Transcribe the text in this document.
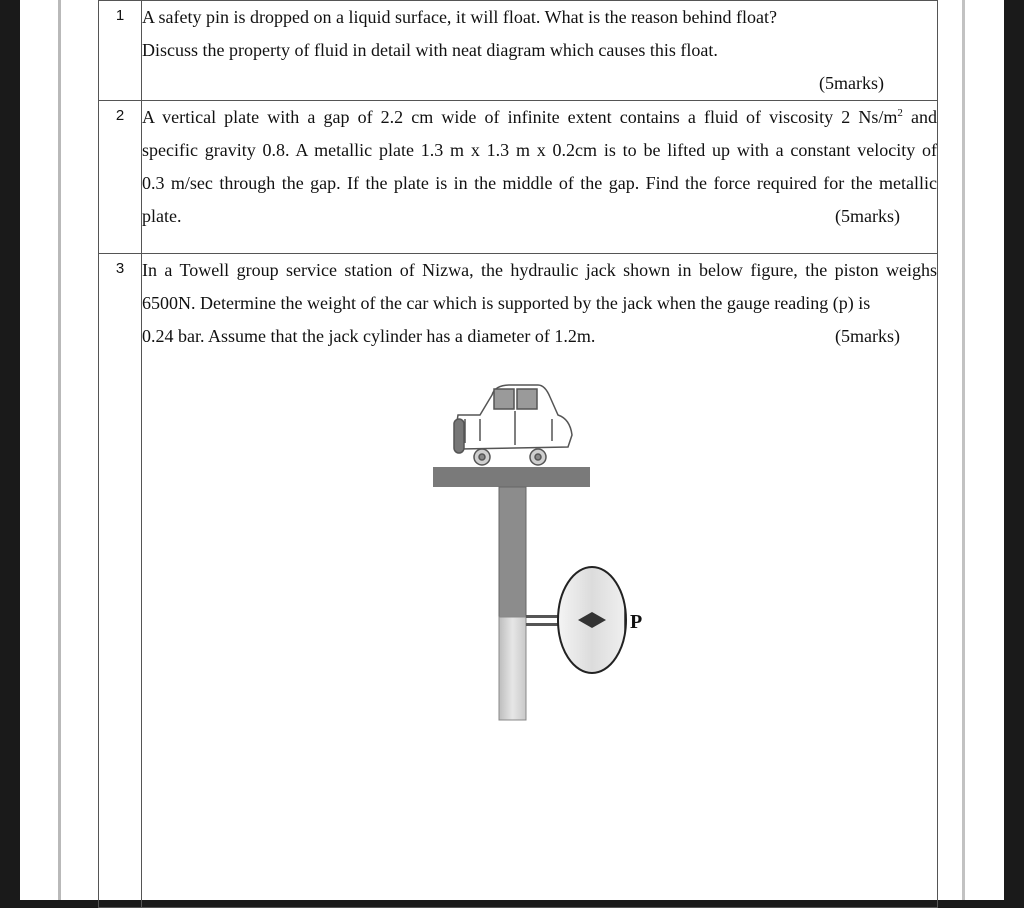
1	A safety pin is dropped on a liquid surface, it will float. What is the reason behind float?
Discuss the property of fluid in detail with neat diagram which causes this float.
(5marks)

2	A vertical plate with a gap of 2.2 cm wide of infinite extent contains a fluid of viscosity 2 $Ns/m^2$ and
specific gravity 0.8. A metallic plate 1.3 m x 1.3 m x 0.2cm is to be lifted up with a constant velocity of
0.3 m/sec through the gap. If the plate is in the middle of the gap. Find the force required for the metallic
plate. (5marks)

3	In a Towell group service station of Nizwa, the hydraulic jack shown in below figure, the piston weighs
6500N. Determine the weight of the car which is supported by the jack when the gauge reading (p) is
0.24 bar. Assume that the jack cylinder has a diameter of 1.2m. (5marks)
P
